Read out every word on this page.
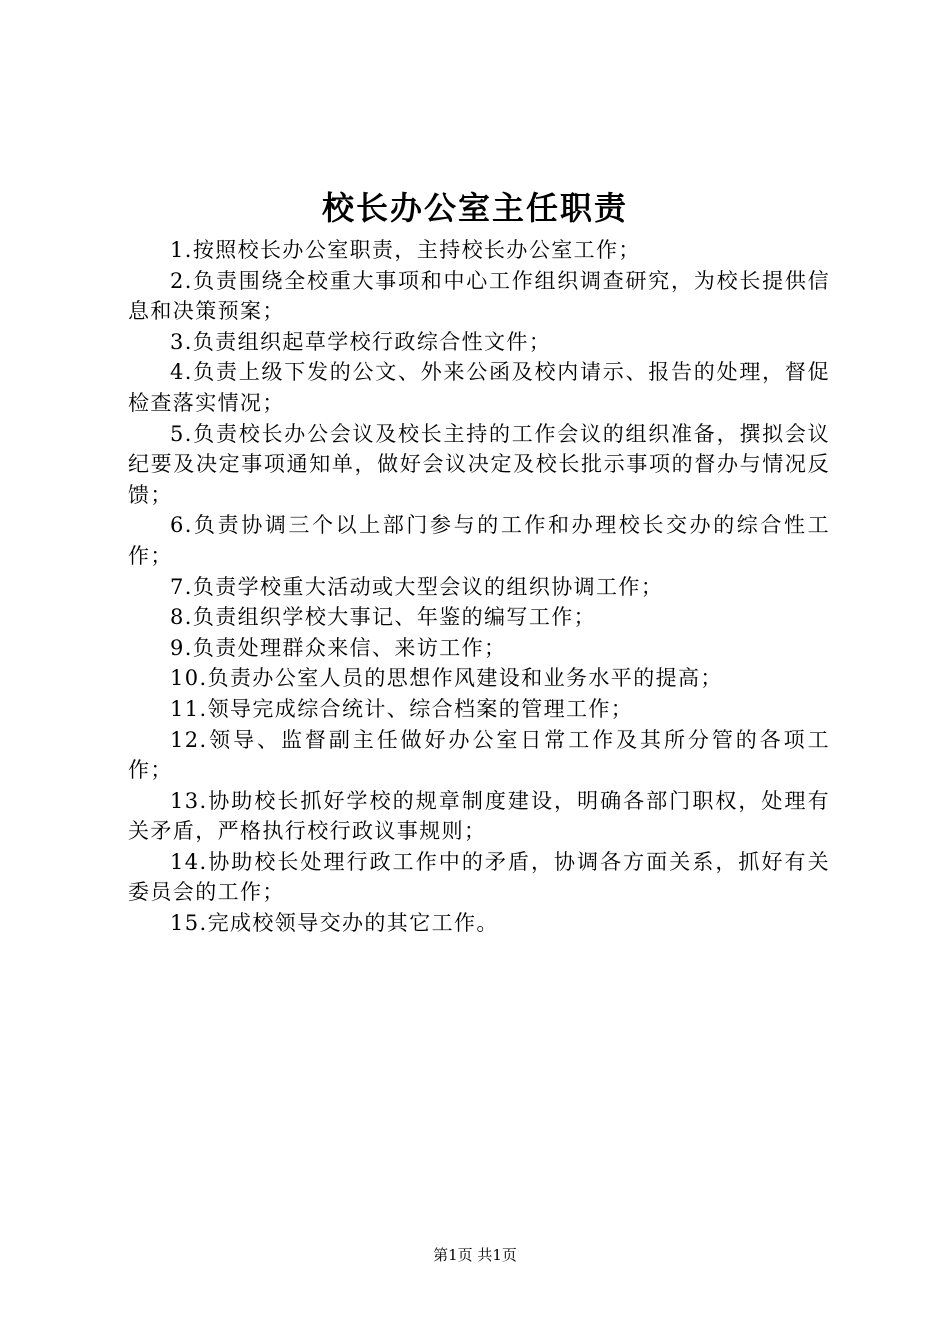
校长办公室主任职责

1.按照校长办公室职责，主持校长办公室工作；

2.负责围绕全校重大事项和中心工作组织调查研究，为校长提供信息和决策预案；

3.负责组织起草学校行政综合性文件；

4.负责上级下发的公文、外来公函及校内请示、报告的处理，督促检查落实情况；

5.负责校长办公会议及校长主持的工作会议的组织准备，撰拟会议纪要及决定事项通知单，做好会议决定及校长批示事项的督办与情况反馈；

6.负责协调三个以上部门参与的工作和办理校长交办的综合性工作；

7.负责学校重大活动或大型会议的组织协调工作；

8.负责组织学校大事记、年鉴的编写工作；

9.负责处理群众来信、来访工作；

10.负责办公室人员的思想作风建设和业务水平的提高；

11.领导完成综合统计、综合档案的管理工作；

12.领导、监督副主任做好办公室日常工作及其所分管的各项工作；

13.协助校长抓好学校的规章制度建设，明确各部门职权，处理有关矛盾，严格执行校行政议事规则；

14.协助校长处理行政工作中的矛盾，协调各方面关系，抓好有关委员会的工作；

15.完成校领导交办的其它工作。

第1页 共1页
